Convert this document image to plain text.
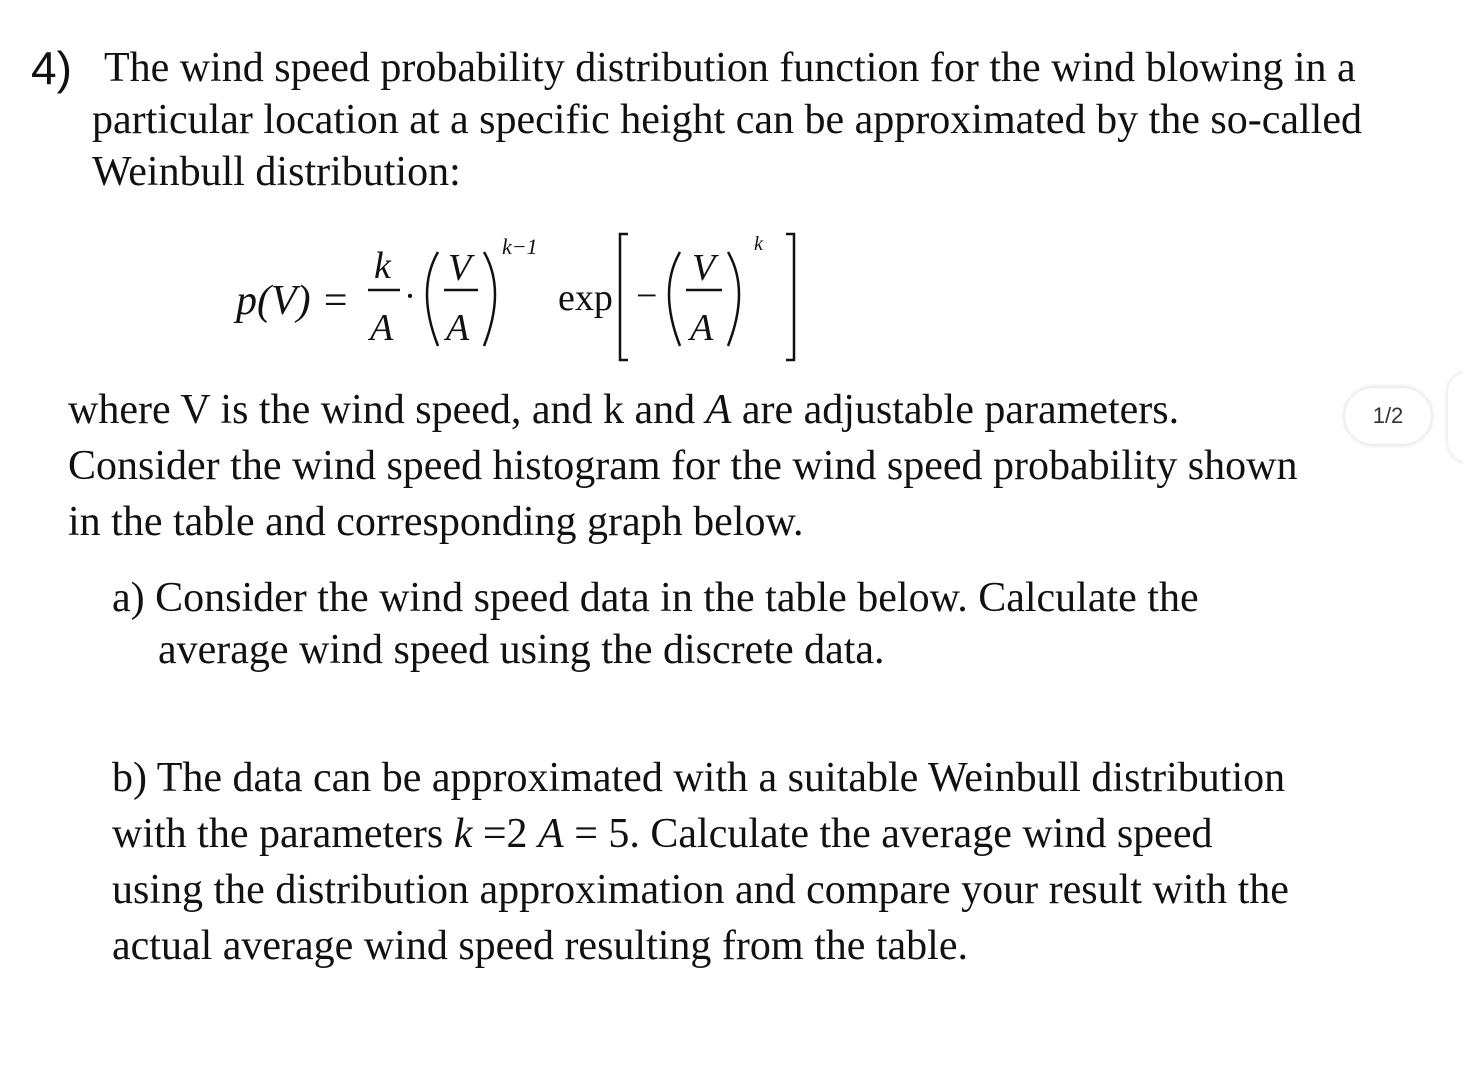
4) The wind speed probability distribution function for the wind blowing in a
particular location at a specific height can be approximated by the so-called
Weinbull distribution:
p(V) =
k
A
·
V
A
k−1
exp −
V
A
k
where V is the wind speed, and k and A are adjustable parameters.
Consider the wind speed histogram for the wind speed probability shown
in the table and corresponding graph below.
a) Consider the wind speed data in the table below. Calculate the
average wind speed using the discrete data.
b) The data can be approximated with a suitable Weinbull distribution
with the parameters k =2 A = 5. Calculate the average wind speed
using the distribution approximation and compare your result with the
actual average wind speed resulting from the table.
1/2
